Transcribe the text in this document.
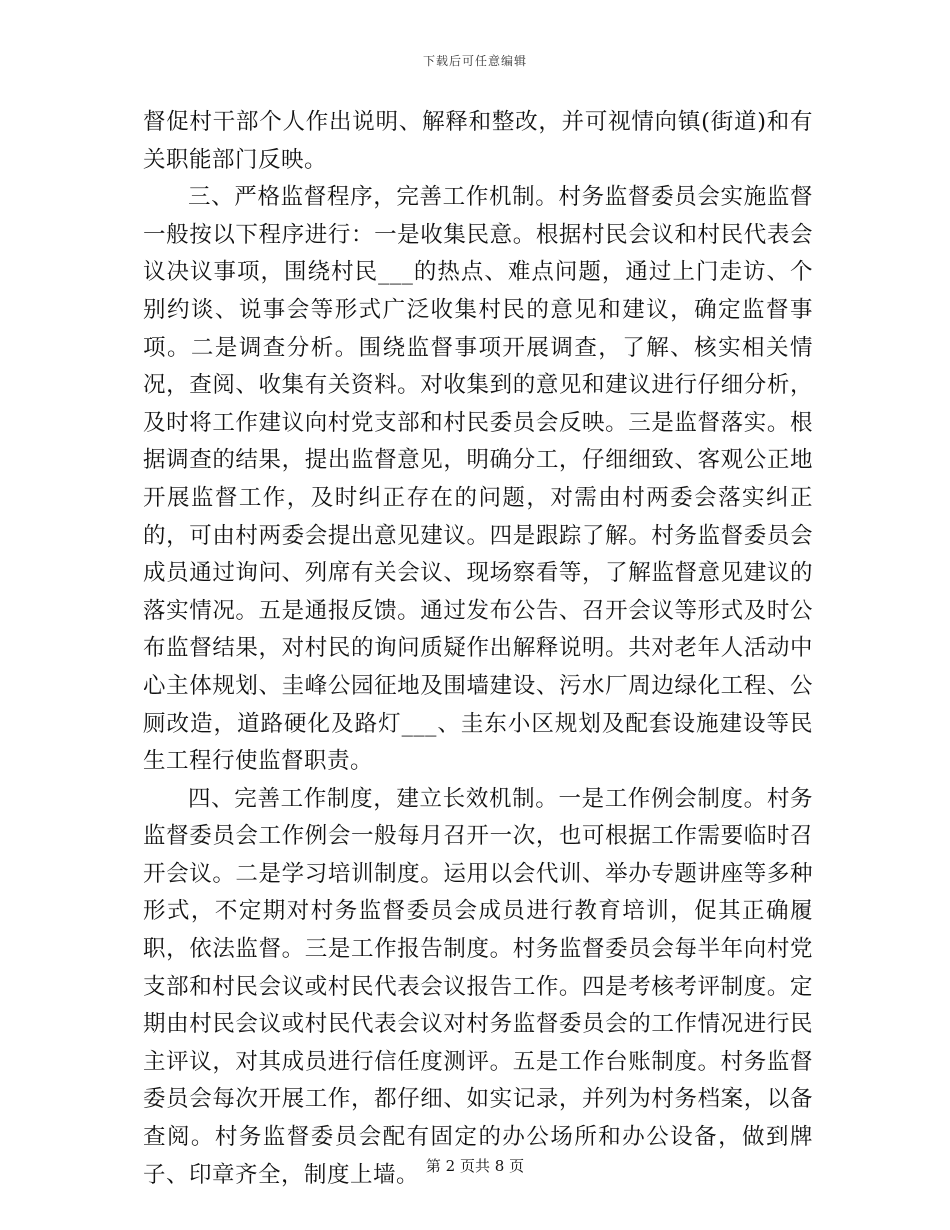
下载后可任意编辑

督促村干部个人作出说明、解释和整改，并可视情向镇(街道)和有关职能部门反映。

三、严格监督程序，完善工作机制。村务监督委员会实施监督一般按以下程序进行：一是收集民意。根据村民会议和村民代表会议决议事项，围绕村民___的热点、难点问题，通过上门走访、个别约谈、说事会等形式广泛收集村民的意见和建议，确定监督事项。二是调查分析。围绕监督事项开展调查，了解、核实相关情况，查阅、收集有关资料。对收集到的意见和建议进行仔细分析，及时将工作建议向村党支部和村民委员会反映。三是监督落实。根据调查的结果，提出监督意见，明确分工，仔细细致、客观公正地开展监督工作，及时纠正存在的问题，对需由村两委会落实纠正的，可由村两委会提出意见建议。四是跟踪了解。村务监督委员会成员通过询问、列席有关会议、现场察看等，了解监督意见建议的落实情况。五是通报反馈。通过发布公告、召开会议等形式及时公布监督结果，对村民的询问质疑作出解释说明。共对老年人活动中心主体规划、圭峰公园征地及围墙建设、污水厂周边绿化工程、公厕改造，道路硬化及路灯___、圭东小区规划及配套设施建设等民生工程行使监督职责。

四、完善工作制度，建立长效机制。一是工作例会制度。村务监督委员会工作例会一般每月召开一次，也可根据工作需要临时召开会议。二是学习培训制度。运用以会代训、举办专题讲座等多种形式，不定期对村务监督委员会成员进行教育培训，促其正确履职，依法监督。三是工作报告制度。村务监督委员会每半年向村党支部和村民会议或村民代表会议报告工作。四是考核考评制度。定期由村民会议或村民代表会议对村务监督委员会的工作情况进行民主评议，对其成员进行信任度测评。五是工作台账制度。村务监督委员会每次开展工作，都仔细、如实记录，并列为村务档案，以备查阅。村务监督委员会配有固定的办公场所和办公设备，做到牌子、印章齐全，制度上墙。 第 2 页共 8 页
